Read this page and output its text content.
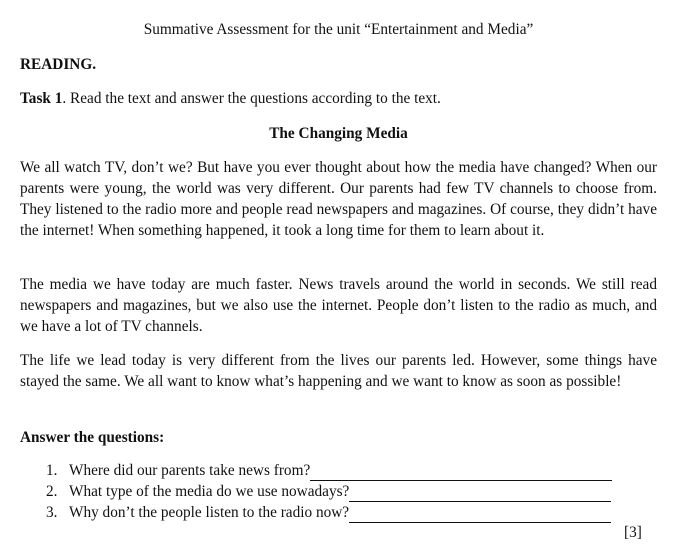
Summative Assessment for the unit “Entertainment and Media”
READING.
Task 1. Read the text and answer the questions according to the text.
The Changing Media

We all watch TV, don’t we? But have you ever thought about how the media have changed? When our parents were young, the world was very different. Our parents had few TV channels to choose from. They listened to the radio more and people read newspapers and magazines. Of course, they didn’t have the internet! When something happened, it took a long time for them to learn about it.

The media we have today are much faster. News travels around the world in seconds. We still read newspapers and magazines, but we also use the internet. People don’t listen to the radio as much, and we have a lot of TV channels.

The life we lead today is very different from the lives our parents led. However, some things have stayed the same. We all want to know what’s happening and we want to know as soon as possible!

Answer the questions:
1. Where did our parents take news from?
2. What type of the media do we use nowadays?
3. Why don’t the people listen to the radio now?
[3]
